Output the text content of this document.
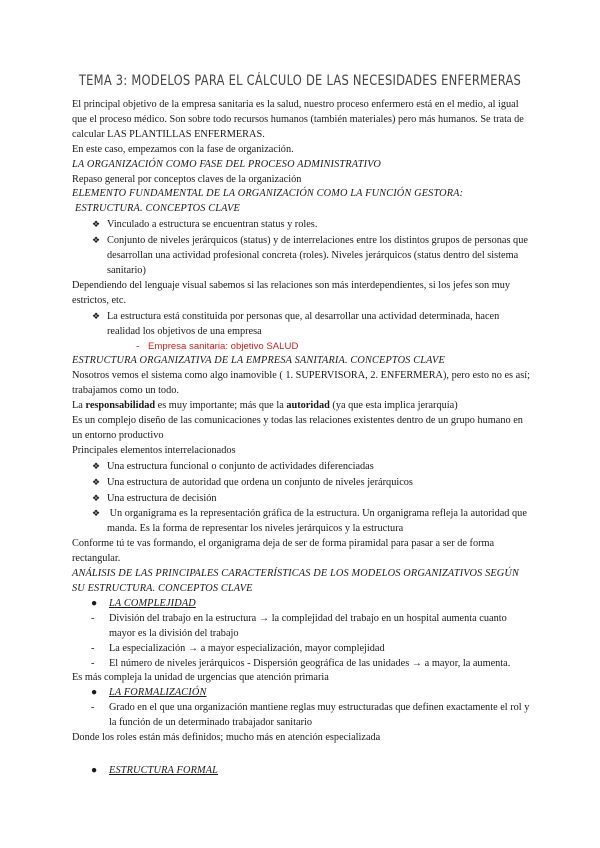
TEMA 3: MODELOS PARA EL CÁLCULO DE LAS NECESIDADES ENFERMERAS

El principal objetivo de la empresa sanitaria es la salud, nuestro proceso enfermero está en el medio, al igual que el proceso médico. Son sobre todo recursos humanos (también materiales) pero más humanos. Se trata de calcular LAS PLANTILLAS ENFERMERAS.

En este caso, empezamos con la fase de organización.

LA ORGANIZACIÓN COMO FASE DEL PROCESO ADMINISTRATIVO

Repaso general por conceptos claves de la organización

ELEMENTO FUNDAMENTAL DE LA ORGANIZACIÓN COMO LA FUNCIÓN GESTORA:

ESTRUCTURA. CONCEPTOS CLAVE

❖ Vinculado a estructura se encuentran status y roles.

❖ Conjunto de niveles jerárquicos (status) y de interrelaciones entre los distintos grupos de personas que desarrollan una actividad profesional concreta (roles). Niveles jerárquicos (status dentro del sistema sanitario)

Dependiendo del lenguaje visual sabemos si las relaciones son más interdependientes, si los jefes son muy estrictos, etc.

❖ La estructura está constituida por personas que, al desarrollar una actividad determinada, hacen realidad los objetivos de una empresa

- Empresa sanitaria: objetivo SALUD

ESTRUCTURA ORGANIZATIVA DE LA EMPRESA SANITARIA. CONCEPTOS CLAVE

Nosotros vemos el sistema como algo inamovible ( 1. SUPERVISORA, 2. ENFERMERA), pero esto no es así; trabajamos como un todo.

La responsabilidad es muy importante; más que la autoridad (ya que esta implica jerarquía)

Es un complejo diseño de las comunicaciones y todas las relaciones existentes dentro de un grupo humano en un entorno productivo

Principales elementos interrelacionados

❖ Una estructura funcional o conjunto de actividades diferenciadas

❖ Una estructura de autoridad que ordena un conjunto de niveles jerárquicos

❖ Una estructura de decisión

❖ Un organigrama es la representación gráfica de la estructura. Un organigrama refleja la autoridad que manda. Es la forma de representar los niveles jerárquicos y la estructura

Conforme tú te vas formando, el organigrama deja de ser de forma piramidal para pasar a ser de forma rectangular.

ANÁLISIS DE LAS PRINCIPALES CARACTERÍSTICAS DE LOS MODELOS ORGANIZATIVOS SEGÚN SU ESTRUCTURA. CONCEPTOS CLAVE

● LA COMPLEJIDAD

- División del trabajo en la estructura → la complejidad del trabajo en un hospital aumenta cuanto mayor es la división del trabajo

- La especialización → a mayor especialización, mayor complejidad

- El número de niveles jerárquicos - Dispersión geográfica de las unidades → a mayor, la aumenta.

Es más compleja la unidad de urgencias que atención primaria

● LA FORMALIZACIÓN

- Grado en el que una organización mantiene reglas muy estructuradas que definen exactamente el rol y la función de un determinado trabajador sanitario

Donde los roles están más definidos; mucho más en atención especializada

● ESTRUCTURA FORMAL
